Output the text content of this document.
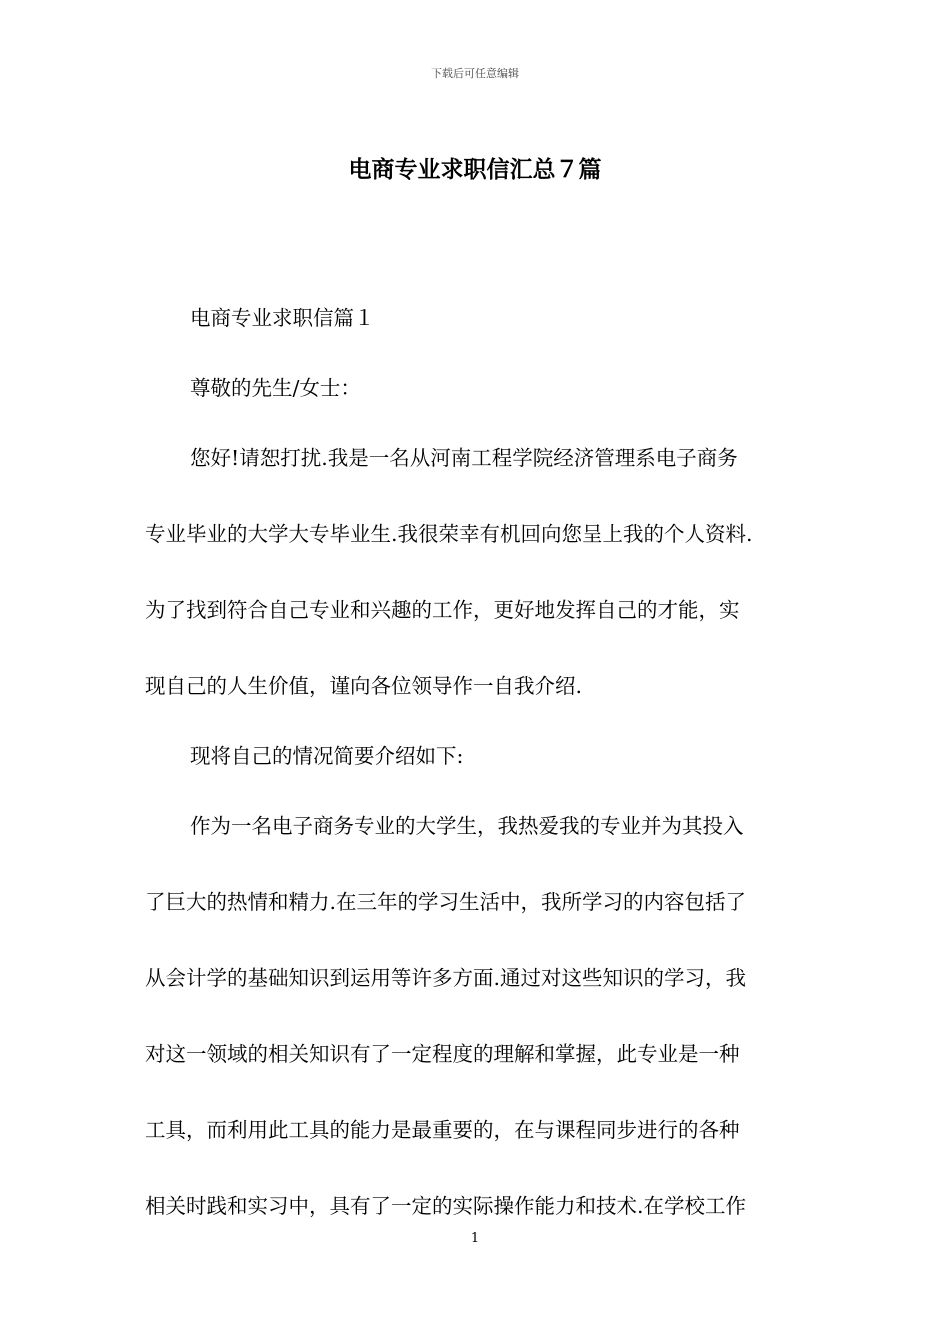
下载后可任意编辑
电商专业求职信汇总７篇

电商专业求职信篇１

尊敬的先生/女士：

您好!请恕打扰.我是一名从河南工程学院经济管理系电子商务
专业毕业的大学大专毕业生.我很荣幸有机回向您呈上我的个人资料.
为了找到符合自己专业和兴趣的工作，更好地发挥自己的才能，实
现自己的人生价值，谨向各位领导作一自我介绍.

现将自己的情况简要介绍如下:

作为一名电子商务专业的大学生，我热爱我的专业并为其投入
了巨大的热情和精力.在三年的学习生活中，我所学习的内容包括了
从会计学的基础知识到运用等许多方面.通过对这些知识的学习，我
对这一领域的相关知识有了一定程度的理解和掌握，此专业是一种
工具，而利用此工具的能力是最重要的，在与课程同步进行的各种
相关时践和实习中，具有了一定的实际操作能力和技术.在学校工作

1
